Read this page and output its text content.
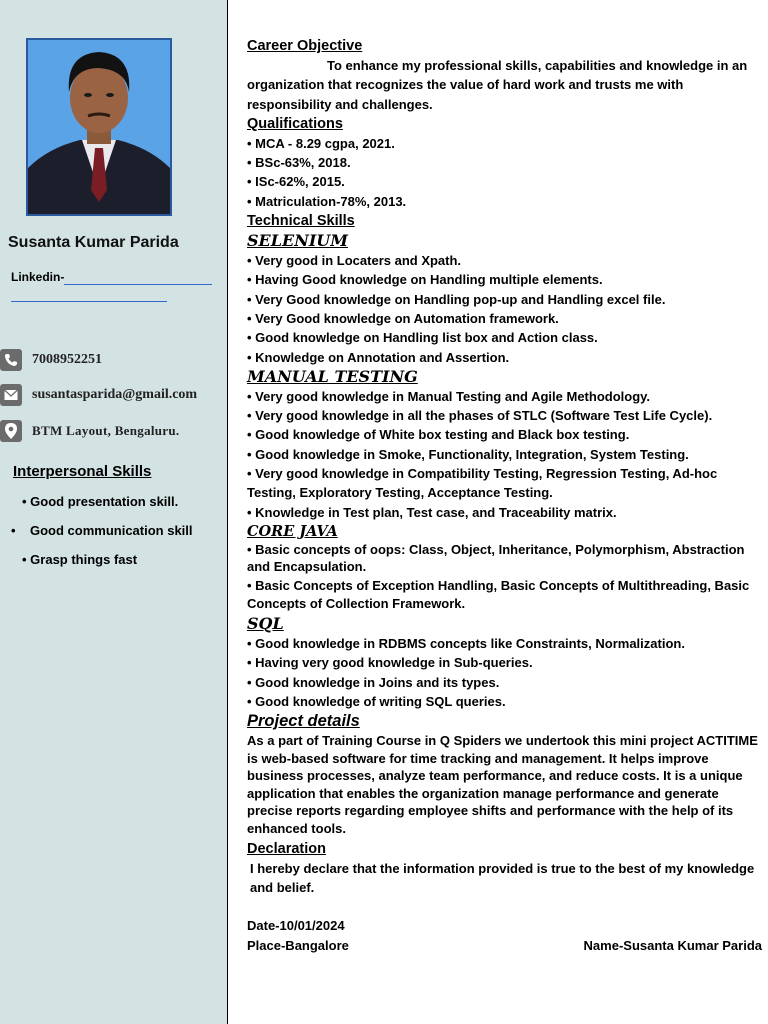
Susanta Kumar Parida
Linkedin-
7008952251
susantasparida@gmail.com
BTM Layout, Bengaluru.
Interpersonal Skills
• Good presentation skill.
•    Good communication skill
• Grasp things fast

Career Objective

To enhance my professional skills, capabilities and knowledge in an

organization that recognizes the value of hard work and trusts me with responsibility and challenges.

Qualifications

• MCA - 8.29 cgpa, 2021.

• BSc-63%, 2018.

• ISc-62%, 2015.

• Matriculation-78%, 2013.

Technical Skills

SELENIUM

• Very good in Locaters and Xpath.

• Having Good knowledge on Handling multiple elements.

• Very Good knowledge on Handling pop-up and Handling excel file.

• Very Good knowledge on Automation framework.

• Good knowledge on Handling list box and Action class.

• Knowledge on Annotation and Assertion.

MANUAL TESTING

• Very good knowledge in Manual Testing and Agile Methodology.

• Very good knowledge in all the phases of STLC (Software Test Life Cycle).

• Good knowledge of White box testing and Black box testing.

• Good knowledge in Smoke, Functionality, Integration, System Testing.

• Very good knowledge in Compatibility Testing, Regression Testing, Ad-hoc Testing, Exploratory Testing, Acceptance Testing.

• Knowledge in Test plan, Test case, and Traceability matrix.

CORE JAVA

• Basic concepts of oops: Class, Object, Inheritance, Polymorphism, Abstraction and Encapsulation.

• Basic Concepts of Exception Handling, Basic Concepts of Multithreading, Basic Concepts of Collection Framework.

SQL

• Good knowledge in RDBMS concepts like Constraints, Normalization.

• Having very good knowledge in Sub-queries.

• Good knowledge in Joins and its types.

• Good knowledge of writing SQL queries.

Project details

As a part of Training Course in Q Spiders we undertook this mini project ACTITIME is web-based software for time tracking and management. It helps improve business processes, analyze team performance, and reduce costs. It is a unique application that enables the organization manage performance and generate precise reports regarding employee shifts and performance with the help of its enhanced tools.

Declaration

I hereby declare that the information provided is true to the best of my knowledge and belief.

Date-10/01/2024

Place-Bangalore	Name-Susanta Kumar Parida
